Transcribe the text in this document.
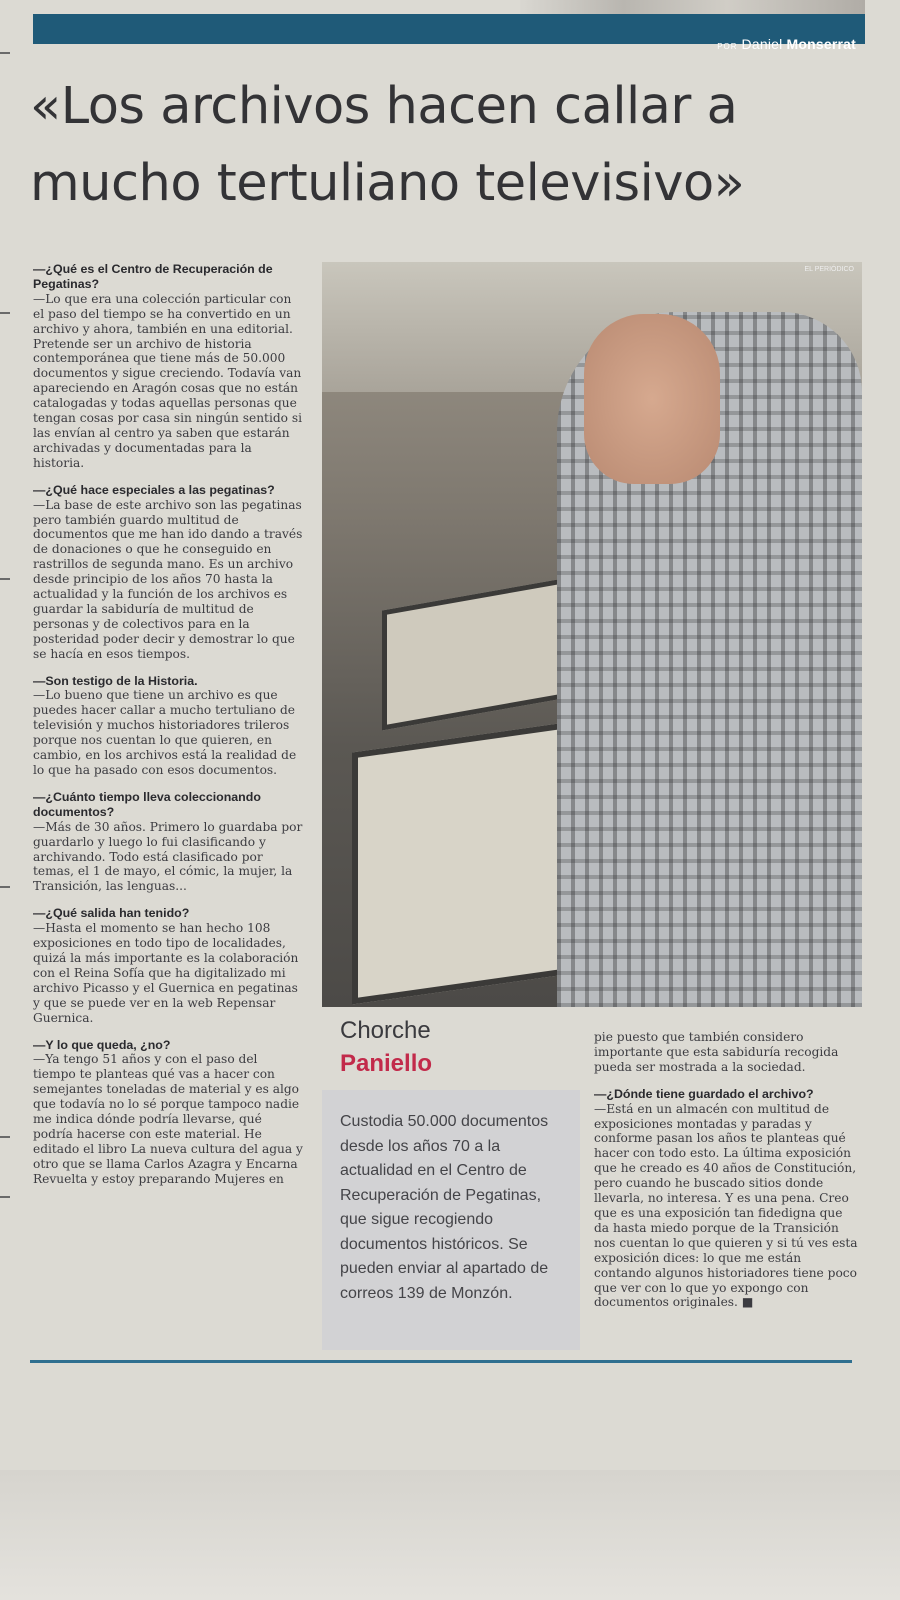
POR Daniel Monserrat
«Los archivos hacen callar a mucho tertuliano televisivo»

—¿Qué es el Centro de Recuperación de Pegatinas?
—Lo que era una colección particular con el paso del tiempo se ha convertido en un archivo y ahora, también en una editorial. Pretende ser un archivo de historia contemporánea que tiene más de 50.000 documentos y sigue creciendo. Todavía van apareciendo en Aragón cosas que no están catalogadas y todas aquellas personas que tengan cosas por casa sin ningún sentido si las envían al centro ya saben que estarán archivadas y documentadas para la historia.

—¿Qué hace especiales a las pegatinas?
—La base de este archivo son las pegatinas pero también guardo multitud de documentos que me han ido dando a través de donaciones o que he conseguido en rastrillos de segunda mano. Es un archivo desde principio de los años 70 hasta la actualidad y la función de los archivos es guardar la sabiduría de multitud de personas y de colectivos para en la posteridad poder decir y demostrar lo que se hacía en esos tiempos.

—Son testigo de la Historia.
—Lo bueno que tiene un archivo es que puedes hacer callar a mucho tertuliano de televisión y muchos historiadores trileros porque nos cuentan lo que quieren, en cambio, en los archivos está la realidad de lo que ha pasado con esos documentos.

—¿Cuánto tiempo lleva coleccionando documentos?
—Más de 30 años. Primero lo guardaba por guardarlo y luego lo fui clasificando y archivando. Todo está clasificado por temas, el 1 de mayo, el cómic, la mujer, la Transición, las lenguas...

—¿Qué salida han tenido?
—Hasta el momento se han hecho 108 exposiciones en todo tipo de localidades, quizá la más importante es la colaboración con el Reina Sofía que ha digitalizado mi archivo Picasso y el Guernica en pegatinas y que se puede ver en la web Repensar Guernica.

—Y lo que queda, ¿no?
—Ya tengo 51 años y con el paso del tiempo te planteas qué vas a hacer con semejantes toneladas de material y es algo que todavía no lo sé porque tampoco nadie me indica dónde podría llevarse, qué podría hacerse con este material. He editado el libro La nueva cultura del agua y otro que se llama Carlos Azagra y Encarna Revuelta y estoy preparando Mujeres en

EL PERIÓDICO
Chorche
Paniello
Custodia 50.000 documentos desde los años 70 a la actualidad en el Centro de Recuperación de Pegatinas, que sigue recogiendo documentos históricos. Se pueden enviar al apartado de correos 139 de Monzón.

pie puesto que también considero importante que esta sabiduría recogida pueda ser mostrada a la sociedad.

—¿Dónde tiene guardado el archivo?
—Está en un almacén con multitud de exposiciones montadas y paradas y conforme pasan los años te planteas qué hacer con todo esto. La última exposición que he creado es 40 años de Constitución, pero cuando he buscado sitios donde llevarla, no interesa. Y es una pena. Creo que es una exposición tan fidedigna que da hasta miedo porque de la Transición nos cuentan lo que quieren y si tú ves esta exposición dices: lo que me están contando algunos historiadores tiene poco que ver con lo que yo expongo con documentos originales. ■
